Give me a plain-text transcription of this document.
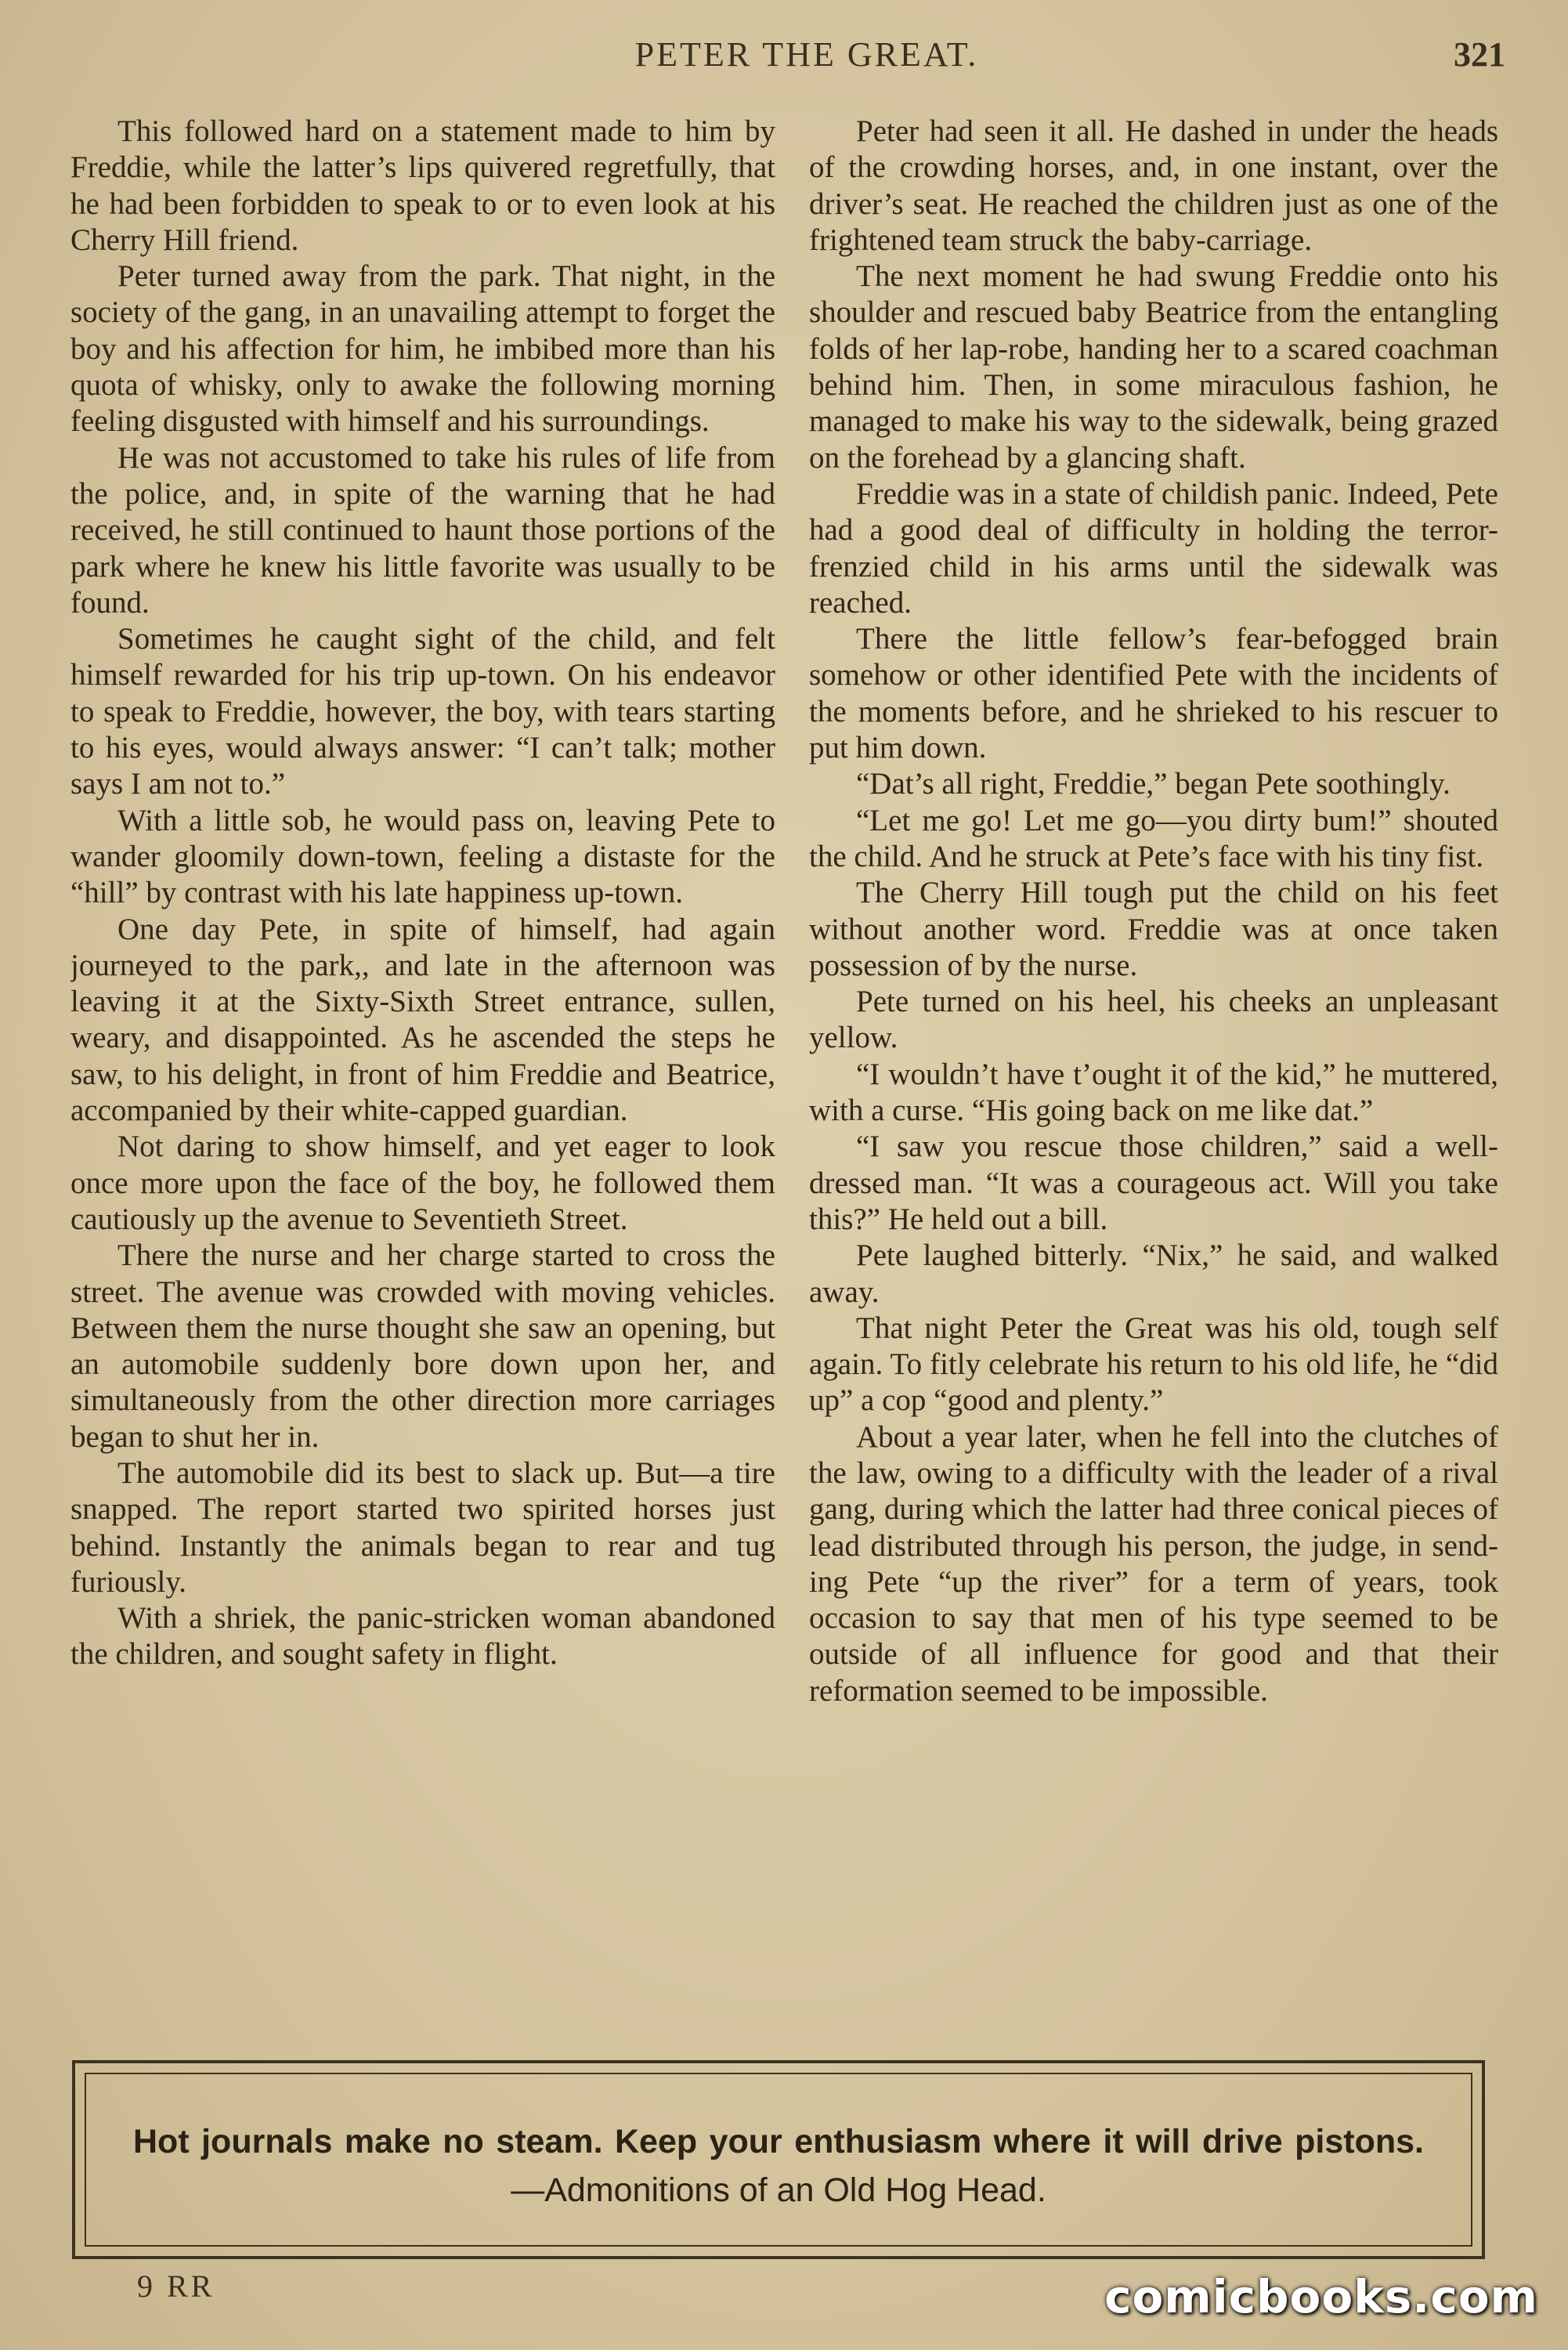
PETER THE GREAT.	321

This followed hard on a statement made to him by Freddie, while the latter’s lips quivered regretfully, that he had been forbidden to speak to or to even look at his Cherry Hill friend.

Peter turned away from the park. That night, in the society of the gang, in an unavailing attempt to forget the boy and his affection for him, he imbibed more than his quota of whisky, only to awake the following morning feeling disgusted with himself and his surroundings.

He was not accustomed to take his rules of life from the police, and, in spite of the warning that he had received, he still continued to haunt those portions of the park where he knew his little favorite was usually to be found.

Sometimes he caught sight of the child, and felt himself rewarded for his trip up-town. On his endeavor to speak to Freddie, however, the boy, with tears starting to his eyes, would always answer: “I can’t talk; mother says I am not to.”

With a little sob, he would pass on, leaving Pete to wander gloomily down-town, feeling a distaste for the “hill” by contrast with his late happiness up-town.

One day Pete, in spite of himself, had again journeyed to the park,, and late in the afternoon was leaving it at the Sixty-Sixth Street entrance, sullen, weary, and disappointed. As he ascended the steps he saw, to his delight, in front of him Freddie and Beatrice, accompanied by their white-capped guardian.

Not daring to show himself, and yet eager to look once more upon the face of the boy, he followed them cautiously up the avenue to Seventieth Street.

There the nurse and her charge started to cross the street. The avenue was crowded with moving vehicles. Between them the nurse thought she saw an opening, but an automobile suddenly bore down upon her, and simultaneously from the other direction more carriages began to shut her in.

The automobile did its best to slack up. But—a tire snapped. The report started two spirited horses just behind. Instantly the animals began to rear and tug furiously.

With a shriek, the panic-stricken woman abandoned the children, and sought safety in flight.

Peter had seen it all. He dashed in under the heads of the crowding horses, and, in one instant, over the driver’s seat. He reached the children just as one of the frightened team struck the baby-carriage.

The next moment he had swung Freddie onto his shoulder and rescued baby Beatrice from the entangling folds of her lap-robe, handing her to a scared coachman behind him. Then, in some miraculous fashion, he managed to make his way to the sidewalk, being grazed on the forehead by a glancing shaft.

Freddie was in a state of childish panic. Indeed, Pete had a good deal of difficulty in holding the terror-frenzied child in his arms until the sidewalk was reached.

There the little fellow’s fear-befogged brain somehow or other identified Pete with the incidents of the moments before, and he shrieked to his rescuer to put him down.

“Dat’s all right, Freddie,” began Pete soothingly.

“Let me go! Let me go—you dirty bum!” shouted the child. And he struck at Pete’s face with his tiny fist.

The Cherry Hill tough put the child on his feet without another word. Freddie was at once taken possession of by the nurse.

Pete turned on his heel, his cheeks an unpleasant yellow.

“I wouldn’t have t’ought it of the kid,” he muttered, with a curse. “His going back on me like dat.”

“I saw you rescue those children,” said a well-dressed man. “It was a courageous act. Will you take this?” He held out a bill.

Pete laughed bitterly. “Nix,” he said, and walked away.

That night Peter the Great was his old, tough self again. To fitly celebrate his return to his old life, he “did up” a cop “good and plenty.”

About a year later, when he fell into the clutches of the law, owing to a difficulty with the leader of a rival gang, during which the latter had three conical pieces of lead distributed through his person, the judge, in sending Pete “up the river” for a term of years, took occasion to say that men of his type seemed to be outside of all influence for good and that their reformation seemed to be impossible.

Hot journals make no steam. Keep your enthusiasm where it will drive pistons.—Admonitions of an Old Hog Head.
9 RR	comicbooks.com
